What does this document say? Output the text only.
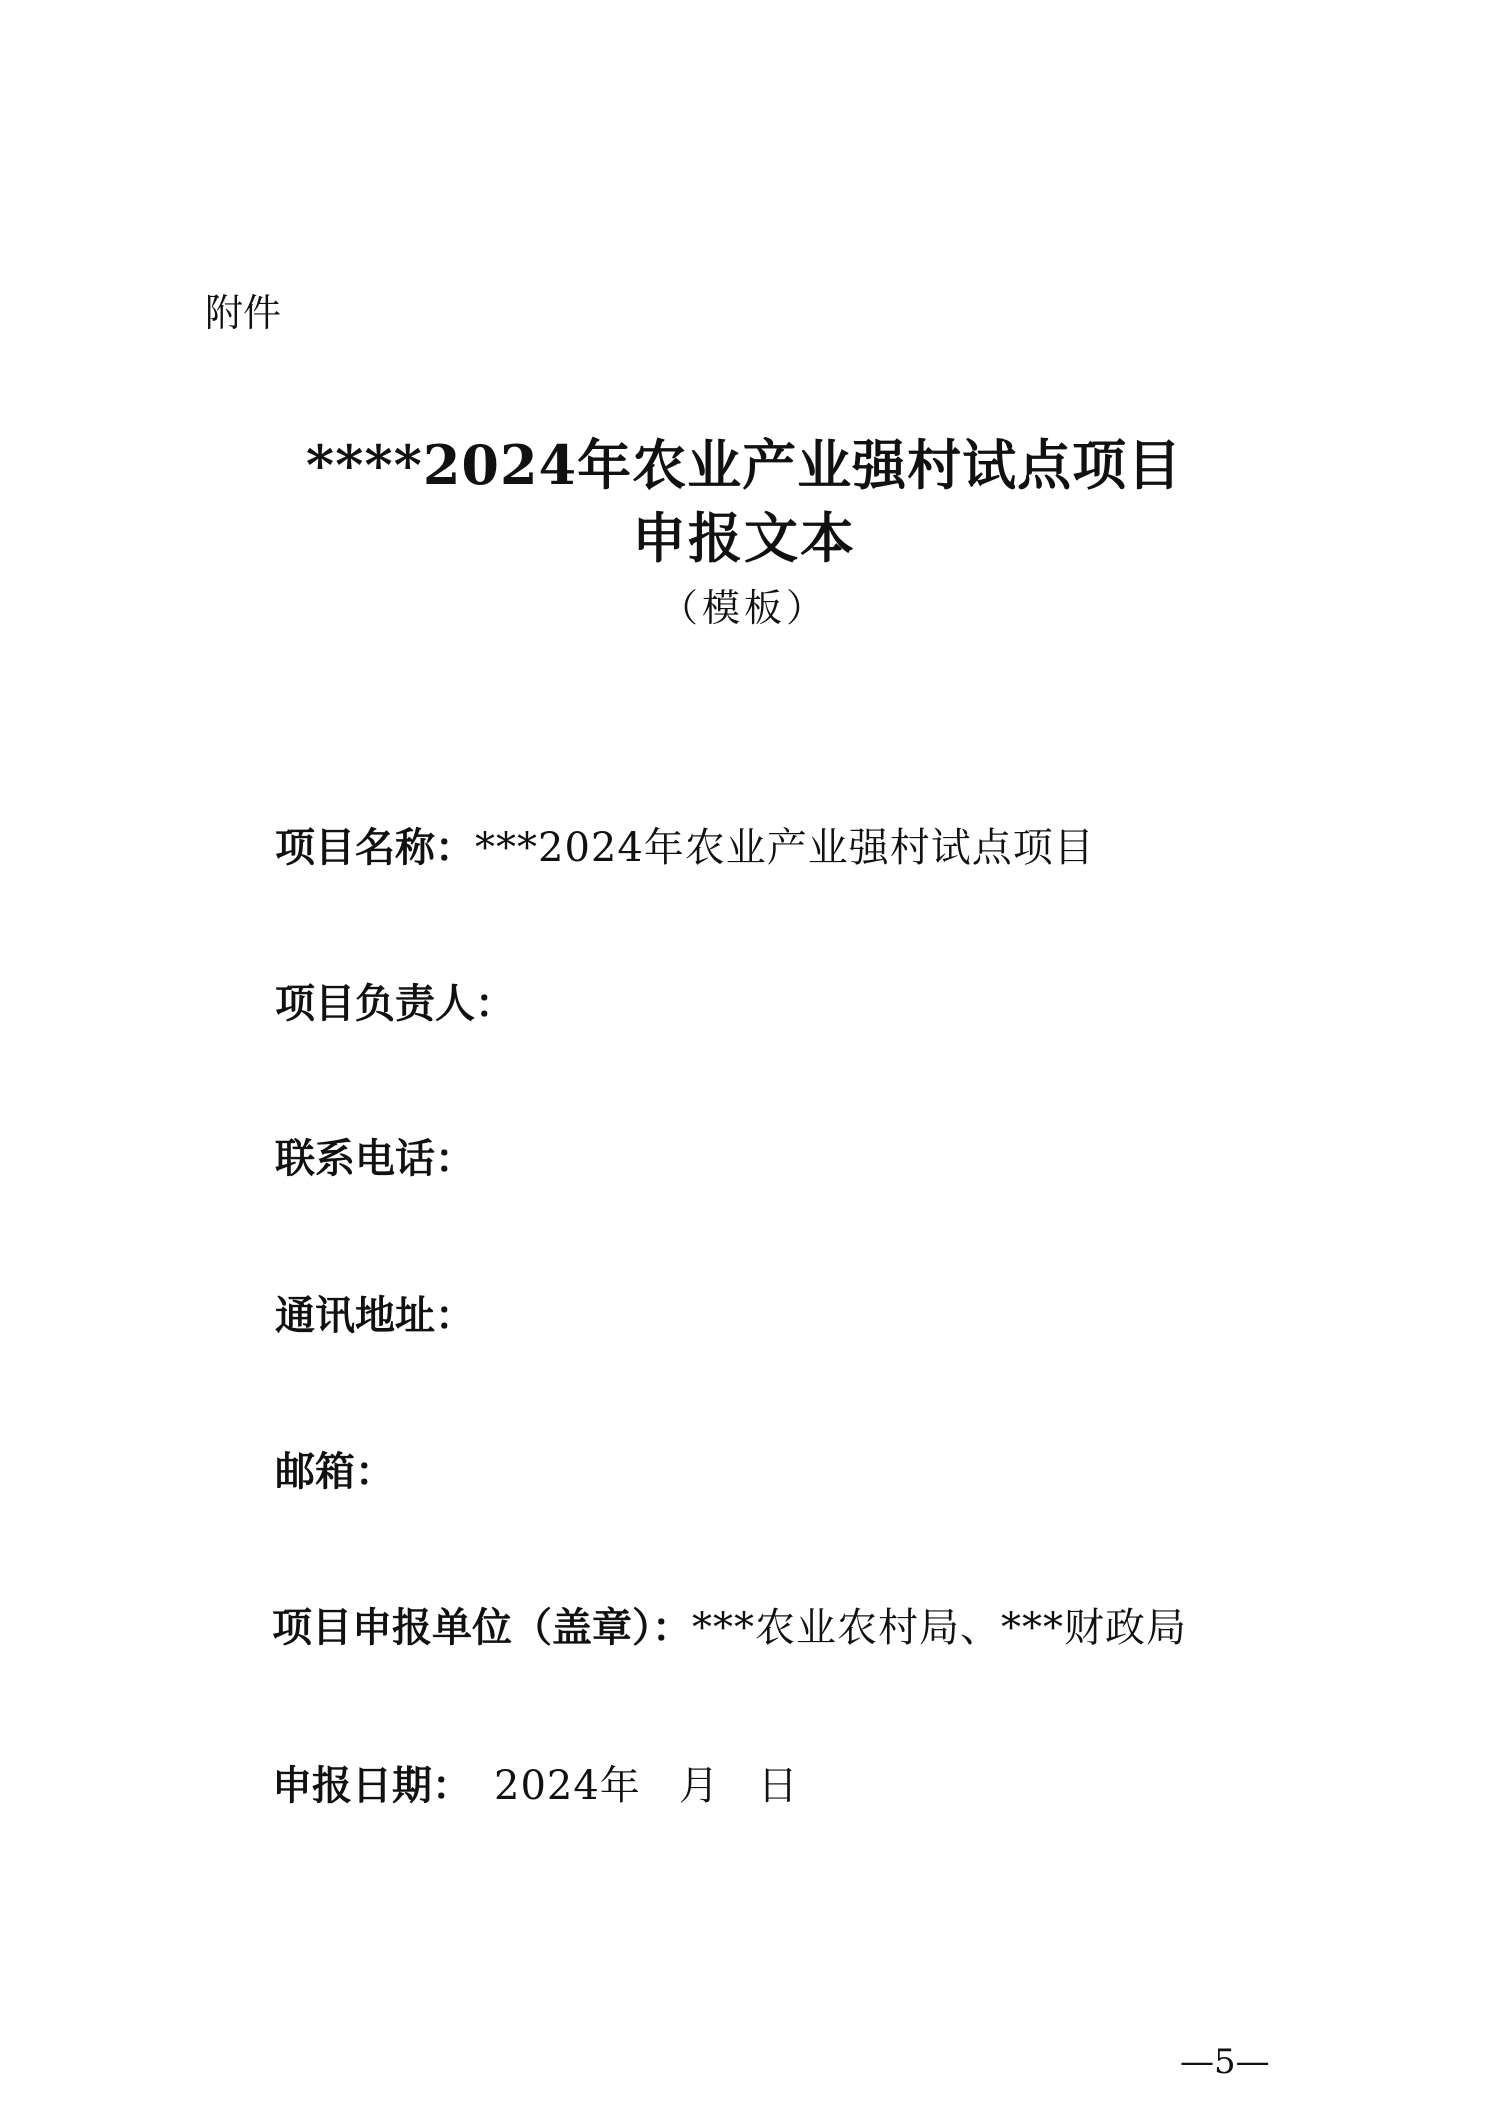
附件
****2024年农业产业强村试点项目
申报文本
（模板）
项目名称：***2024年农业产业强村试点项目
项目负责人：
联系电话：
通讯地址：
邮箱：
项目申报单位（盖章）：***农业农村局、***财政局
申报日期： 2024年 月 日
—5—
